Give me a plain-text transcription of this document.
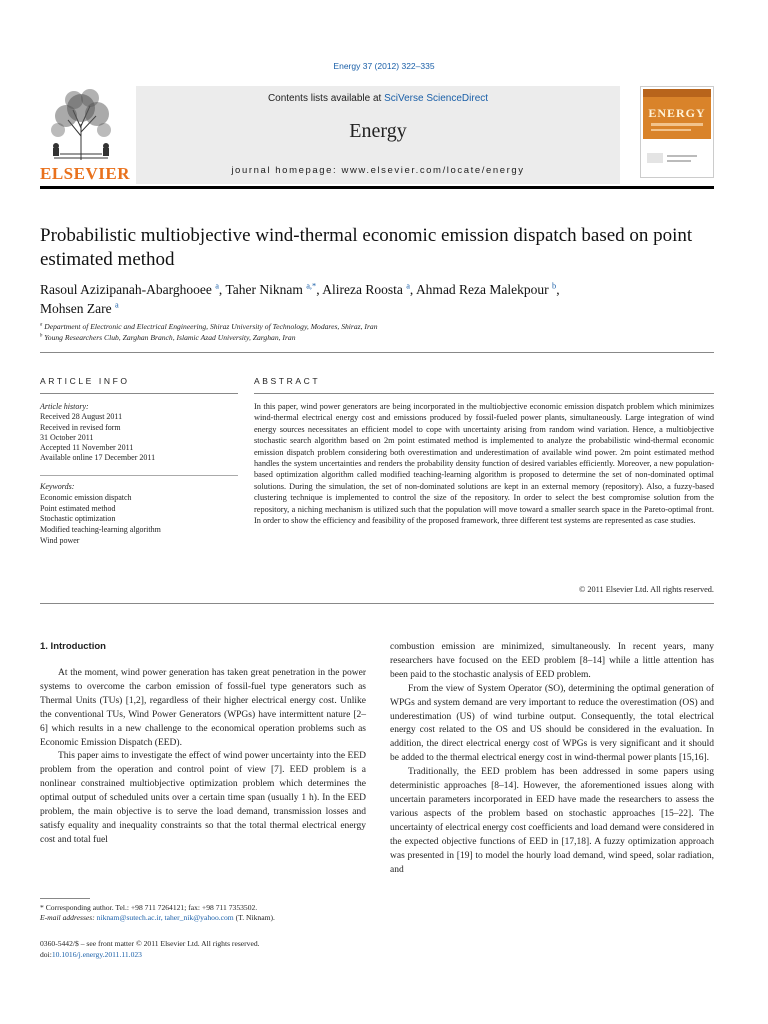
Energy 37 (2012) 322–335
ELSEVIER
Contents lists available at SciVerse ScienceDirect
Energy
journal homepage: www.elsevier.com/locate/energy
ENERGY
Probabilistic multiobjective wind-thermal economic emission dispatch based on point estimated method
Rasoul Azizipanah-Abarghooee $^a$, Taher Niknam $^{a,*}$, Alireza Roosta $^a$, Ahmad Reza Malekpour $^b$,
Mohsen Zare $^a$
$^a$ Department of Electronic and Electrical Engineering, Shiraz University of Technology, Modares, Shiraz, Iran
$^b$ Young Researchers Club, Zarghan Branch, Islamic Azad University, Zarghan, Iran
ARTICLE INFO	ABSTRACT
Article history:
Received 28 August 2011
Received in revised form
31 October 2011
Accepted 11 November 2011
Available online 17 December 2011
Keywords:
Economic emission dispatch
Point estimated method
Stochastic optimization
Modified teaching-learning algorithm
Wind power
In this paper, wind power generators are being incorporated in the multiobjective economic emission dispatch problem which minimizes wind-thermal electrical energy cost and emissions produced by fossil-fueled power plants, simultaneously. Large integration of wind energy sources necessitates an efficient model to cope with uncertainty arising from random wind variation. Hence, a multiobjective stochastic search algorithm based on 2m point estimated method is implemented to analyze the probabilistic wind-thermal economic emission dispatch problem considering both overestimation and underestimation of available wind power. 2m point estimated method handles the system uncertainties and renders the probability density function of desired variables efficiently. Moreover, a new population-based optimization algorithm called modified teaching-learning algorithm is proposed to determine the set of non-dominated optimal solutions. During the simulation, the set of non-dominated solutions are kept in an external memory (repository). Also, a fuzzy-based clustering technique is implemented to control the size of the repository. In order to select the best compromise solution from the repository, a niching mechanism is utilized such that the population will move toward a smaller search space in the Pareto-optimal front. In order to show the efficiency and feasibility of the proposed framework, three different test systems are represented as case studies.
© 2011 Elsevier Ltd. All rights reserved.
1. Introduction

At the moment, wind power generation has taken great penetration in the power systems to overcome the carbon emission of fossil-fuel type generators such as Thermal Units (TUs) [1,2], regardless of their higher electrical energy cost. Unlike the conventional TUs, Wind Power Generators (WPGs) have intermittent nature [2–6] which results in a new challenge to the economical operation problems such as Economic Emission Dispatch (EED).

This paper aims to investigate the effect of wind power uncertainty into the EED problem from the operation and control point of view [7]. EED problem is a nonlinear constrained multiobjective optimization problem which determines the optimal output of scheduled units over a certain time span (usually 1 h). In the EED problem, the main objective is to serve the load demand, transmission losses and satisfy equality and inequality constraints so that the total thermal electrical energy cost and total fuel

combustion emission are minimized, simultaneously. In recent years, many researchers have focused on the EED problem [8–14] while a little attention has been paid to the stochastic analysis of EED problem.

From the view of System Operator (SO), determining the optimal generation of WPGs and system demand are very important to reduce the overestimation (OS) and underestimation (US) of wind turbine output. Consequently, the total electrical energy cost related to the OS and US should be considered in the evaluation. In addition, the direct electrical energy cost of WPGs is very significant and it should be added to the thermal electrical energy cost in wind-thermal power plants [15,16].

Traditionally, the EED problem has been addressed in some papers using deterministic approaches [8–14]. However, the aforementioned issues along with uncertain parameters incorporated in EED have made the researchers to assess the various aspects of the problem based on stochastic approaches [15–22]. The uncertainty of electrical energy cost coefficients and load demand were considered in the expected objective functions of EED in [17,18]. A fuzzy optimization approach was presented in [19] to model the hourly load demand, wind speed, solar radiation, and

* Corresponding author. Tel.: +98 711 7264121; fax: +98 711 7353502.
E-mail addresses: niknam@sutech.ac.ir, taher_nik@yahoo.com (T. Niknam).
0360-5442/$ – see front matter © 2011 Elsevier Ltd. All rights reserved.
doi:10.1016/j.energy.2011.11.023
